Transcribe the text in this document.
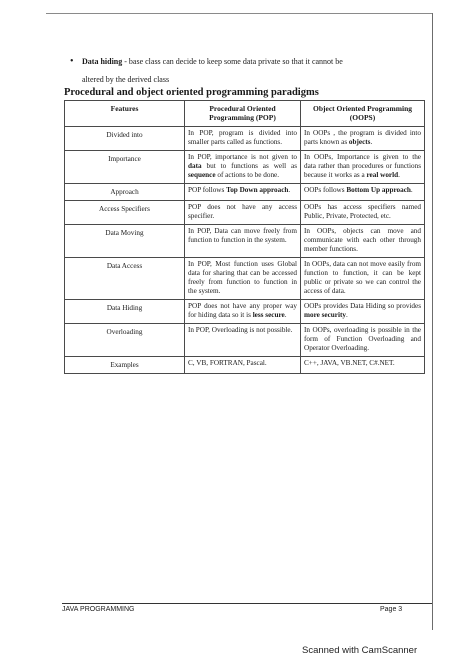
• Data hiding - base class can decide to keep some data private so that it cannot be
altered by the derived class
Procedural and object oriented programming paradigms
Features	Procedural Oriented Programming (POP)	Object Oriented Programming (OOPS)
Divided into	In POP, program is divided into smaller parts called as functions.	In OOPs , the program is divided into parts known as objects.
Importance	In POP, importance is not given to data but to functions as well as sequence of actions to be done.	In OOPs, Importance is given to the data rather than procedures or functions because it works as a real world.
Approach	POP follows Top Down approach.	OOPs follows Bottom Up approach.
Access Specifiers	POP does not have any access specifier.	OOPs has access specifiers named Public, Private, Protected, etc.
Data Moving	In POP, Data can move freely from function to function in the system.	In OOPs, objects can move and communicate with each other through member functions.
Data Access	In POP, Most function uses Global data for sharing that can be accessed freely from function to function in the system.	In OOPs, data can not move easily from function to function, it can be kept public or private so we can control the access of data.
Data Hiding	POP does not have any proper way for hiding data so it is less secure.	OOPs provides Data Hiding so provides more security.
Overloading	In POP, Overloading is not possible.	In OOPs, overloading is possible in the form of Function Overloading and Operator Overloading.
Examples	C, VB, FORTRAN, Pascal.	C++, JAVA, VB.NET, C#.NET.
JAVA PROGRAMMING	Page 3
Scanned with CamScanner
